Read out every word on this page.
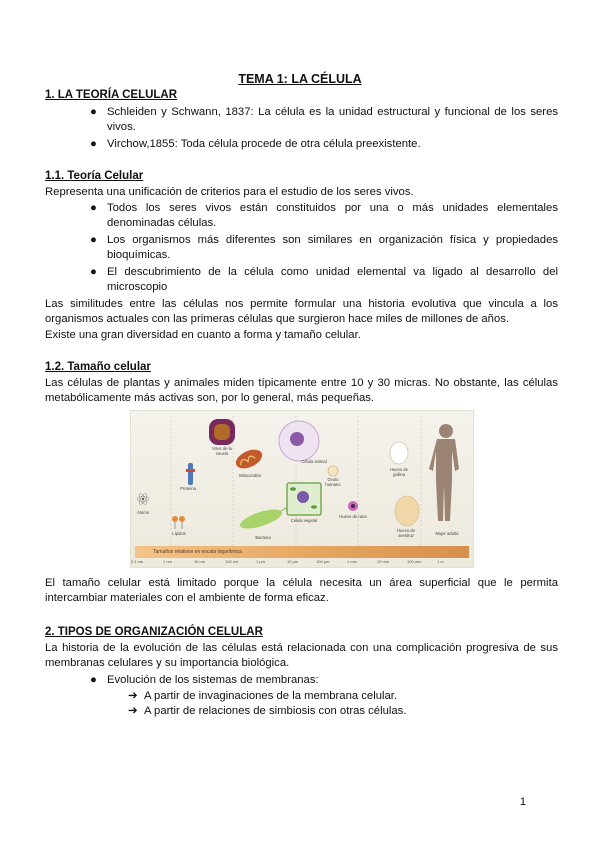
TEMA 1: LA CÉLULA
1. LA TEORÍA CELULAR
● Schleiden y Schwann, 1837: La célula es la unidad estructural y funcional de los seres vivos.
● Virchow,1855: Toda célula procede de otra célula preexistente.
1.1. Teoría Celular
Representa una unificación de criterios para el estudio de los seres vivos.
● Todos los seres vivos están constituidos por una o más unidades elementales denominadas células.
● Los organismos más diferentes son similares en organización física y propiedades bioquímicas.
● El descubrimiento de la célula como unidad elemental va ligado al desarrollo del microscopio
Las similitudes entre las células nos permite formular una historia evolutiva que vincula a los organismos actuales con las primeras células que surgieron hace miles de millones de años.
Existe una gran diversidad en cuanto a forma y tamaño celular.
1.2. Tamaño celular
Las células de plantas y animales miden típicamente entre 10 y 30 micras. No obstante, las células metabólicamente más activas son, por lo general, más pequeñas.
Átomo
Proteína
Lípidos
Virus de la viruela
Mitocondria
Bacteria
Célula animal
Célula vegetal
Óvulo humano
Huevo de rana
Huevo de gallina
Huevo de avestruz	Mujer adulta
Tamaños relativos en escala logarítmica
0,1 nm	1 nm	10 nm	100 nm	1 µm	10 µm	100 µm	1 mm	10 mm	100 mm	1 m
El tamaño celular está limitado porque la célula necesita un área superficial que le permita intercambiar materiales con el ambiente de forma eficaz.
2. TIPOS DE ORGANIZACIÓN CELULAR
La historia de la evolución de las células está relacionada con una complicación progresiva de sus membranas celulares y su importancia biológica.
● Evolución de los sistemas de membranas:
➔ A partir de invaginaciones de la membrana celular.
➔ A partir de relaciones de simbiosis con otras células.
1
